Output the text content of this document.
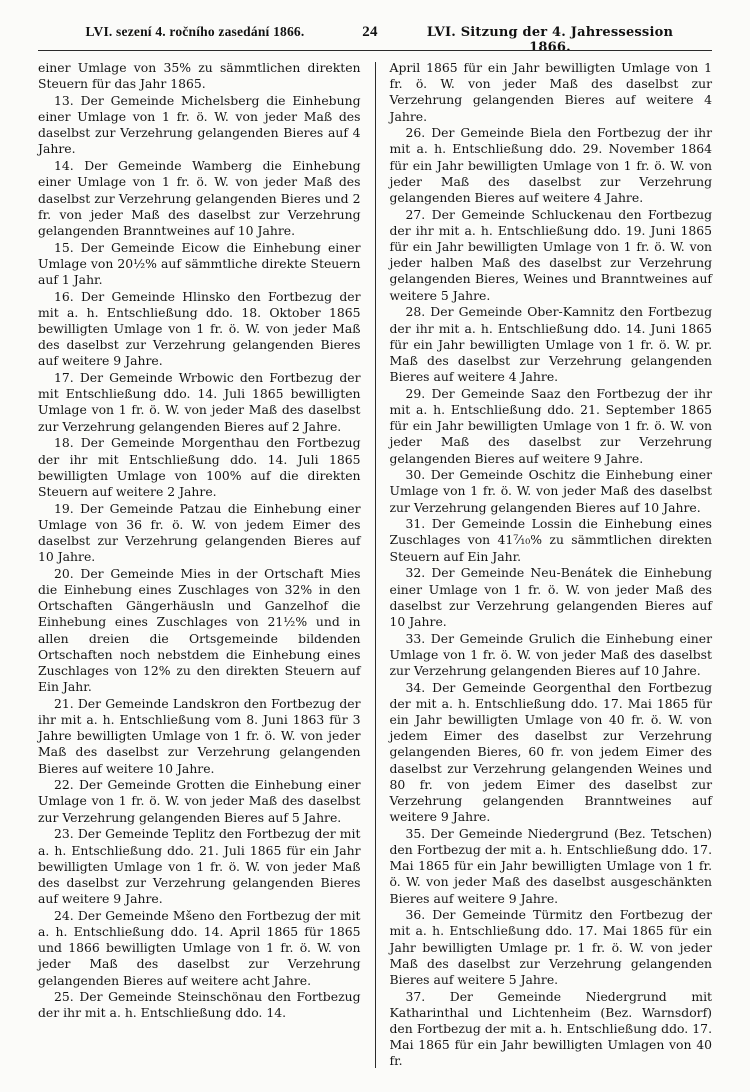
LVI. sezení 4. ročního zasedání 1866.	24	LVI. Sitzung der 4. Jahressession 1866.

einer Umlage von 35% zu sämmtlichen direkten Steuern für das Jahr 1865.

13. Der Gemeinde Michelsberg die Einhebung einer Umlage von 1 fr. ö. W. von jeder Maß des daselbst zur Verzehrung gelangenden Bieres auf 4 Jahre.

14. Der Gemeinde Wamberg die Einhebung einer Umlage von 1 fr. ö. W. von jeder Maß des daselbst zur Verzehrung gelangenden Bieres und 2 fr. von jeder Maß des daselbst zur Verzehrung gelangenden Branntweines auf 10 Jahre.

15. Der Gemeinde Eicow die Einhebung einer Umlage von 20½% auf sämmtliche direkte Steuern auf 1 Jahr.

16. Der Gemeinde Hlinsko den Fortbezug der mit a. h. Entschließung ddo. 18. Oktober 1865 bewilligten Umlage von 1 fr. ö. W. von jeder Maß des daselbst zur Verzehrung gelangenden Bieres auf weitere 9 Jahre.

17. Der Gemeinde Wrbowic den Fortbezug der mit Entschließung ddo. 14. Juli 1865 bewilligten Umlage von 1 fr. ö. W. von jeder Maß des daselbst zur Verzehrung gelangenden Bieres auf 2 Jahre.

18. Der Gemeinde Morgenthau den Fortbezug der ihr mit Entschließung ddo. 14. Juli 1865 bewilligten Umlage von 100% auf die direkten Steuern auf weitere 2 Jahre.

19. Der Gemeinde Patzau die Einhebung einer Umlage von 36 fr. ö. W. von jedem Eimer des daselbst zur Verzehrung gelangenden Bieres auf 10 Jahre.

20. Der Gemeinde Mies in der Ortschaft Mies die Einhebung eines Zuschlages von 32% in den Ortschaften Gängerhäusln und Ganzelhof die Einhebung eines Zuschlages von 21½% und in allen dreien die Ortsgemeinde bildenden Ortschaften noch nebstdem die Einhebung eines Zuschlages von 12% zu den direkten Steuern auf Ein Jahr.

21. Der Gemeinde Landskron den Fortbezug der ihr mit a. h. Entschließung vom 8. Juni 1863 für 3 Jahre bewilligten Umlage von 1 fr. ö. W. von jeder Maß des daselbst zur Verzehrung gelangenden Bieres auf weitere 10 Jahre.

22. Der Gemeinde Grotten die Einhebung einer Umlage von 1 fr. ö. W. von jeder Maß des daselbst zur Verzehrung gelangenden Bieres auf 5 Jahre.

23. Der Gemeinde Teplitz den Fortbezug der mit a. h. Entschließung ddo. 21. Juli 1865 für ein Jahr bewilligten Umlage von 1 fr. ö. W. von jeder Maß des daselbst zur Verzehrung gelangenden Bieres auf weitere 9 Jahre.

24. Der Gemeinde Mšeno den Fortbezug der mit a. h. Entschließung ddo. 14. April 1865 für 1865 und 1866 bewilligten Umlage von 1 fr. ö. W. von jeder Maß des daselbst zur Verzehrung gelangenden Bieres auf weitere acht Jahre.

25. Der Gemeinde Steinschönau den Fortbezug der ihr mit a. h. Entschließung ddo. 14.

April 1865 für ein Jahr bewilligten Umlage von 1 fr. ö. W. von jeder Maß des daselbst zur Verzehrung gelangenden Bieres auf weitere 4 Jahre.

26. Der Gemeinde Biela den Fortbezug der ihr mit a. h. Entschließung ddo. 29. November 1864 für ein Jahr bewilligten Umlage von 1 fr. ö. W. von jeder Maß des daselbst zur Verzehrung gelangenden Bieres auf weitere 4 Jahre.

27. Der Gemeinde Schluckenau den Fortbezug der ihr mit a. h. Entschließung ddo. 19. Juni 1865 für ein Jahr bewilligten Umlage von 1 fr. ö. W. von jeder halben Maß des daselbst zur Verzehrung gelangenden Bieres, Weines und Branntweines auf weitere 5 Jahre.

28. Der Gemeinde Ober-Kamnitz den Fortbezug der ihr mit a. h. Entschließung ddo. 14. Juni 1865 für ein Jahr bewilligten Umlage von 1 fr. ö. W. pr. Maß des daselbst zur Verzehrung gelangenden Bieres auf weitere 4 Jahre.

29. Der Gemeinde Saaz den Fortbezug der ihr mit a. h. Entschließung ddo. 21. September 1865 für ein Jahr bewilligten Umlage von 1 fr. ö. W. von jeder Maß des daselbst zur Verzehrung gelangenden Bieres auf weitere 9 Jahre.

30. Der Gemeinde Oschitz die Einhebung einer Umlage von 1 fr. ö. W. von jeder Maß des daselbst zur Verzehrung gelangenden Bieres auf 10 Jahre.

31. Der Gemeinde Lossin die Einhebung eines Zuschlages von 41⁷⁄₁₀% zu sämmtlichen direkten Steuern auf Ein Jahr.

32. Der Gemeinde Neu-Benátek die Einhebung einer Umlage von 1 fr. ö. W. von jeder Maß des daselbst zur Verzehrung gelangenden Bieres auf 10 Jahre.

33. Der Gemeinde Grulich die Einhebung einer Umlage von 1 fr. ö. W. von jeder Maß des daselbst zur Verzehrung gelangenden Bieres auf 10 Jahre.

34. Der Gemeinde Georgenthal den Fortbezug der mit a. h. Entschließung ddo. 17. Mai 1865 für ein Jahr bewilligten Umlage von 40 fr. ö. W. von jedem Eimer des daselbst zur Verzehrung gelangenden Bieres, 60 fr. von jedem Eimer des daselbst zur Verzehrung gelangenden Weines und 80 fr. von jedem Eimer des daselbst zur Verzehrung gelangenden Branntweines auf weitere 9 Jahre.

35. Der Gemeinde Niedergrund (Bez. Tetschen) den Fortbezug der mit a. h. Entschließung ddo. 17. Mai 1865 für ein Jahr bewilligten Umlage von 1 fr. ö. W. von jeder Maß des daselbst ausgeschänkten Bieres auf weitere 9 Jahre.

36. Der Gemeinde Türmitz den Fortbezug der mit a. h. Entschließung ddo. 17. Mai 1865 für ein Jahr bewilligten Umlage pr. 1 fr. ö. W. von jeder Maß des daselbst zur Verzehrung gelangenden Bieres auf weitere 5 Jahre.

37. Der Gemeinde Niedergrund mit Katharinthal und Lichtenheim (Bez. Warnsdorf) den Fortbezug der mit a. h. Entschließung ddo. 17. Mai 1865 für ein Jahr bewilligten Umlagen von 40 fr.
